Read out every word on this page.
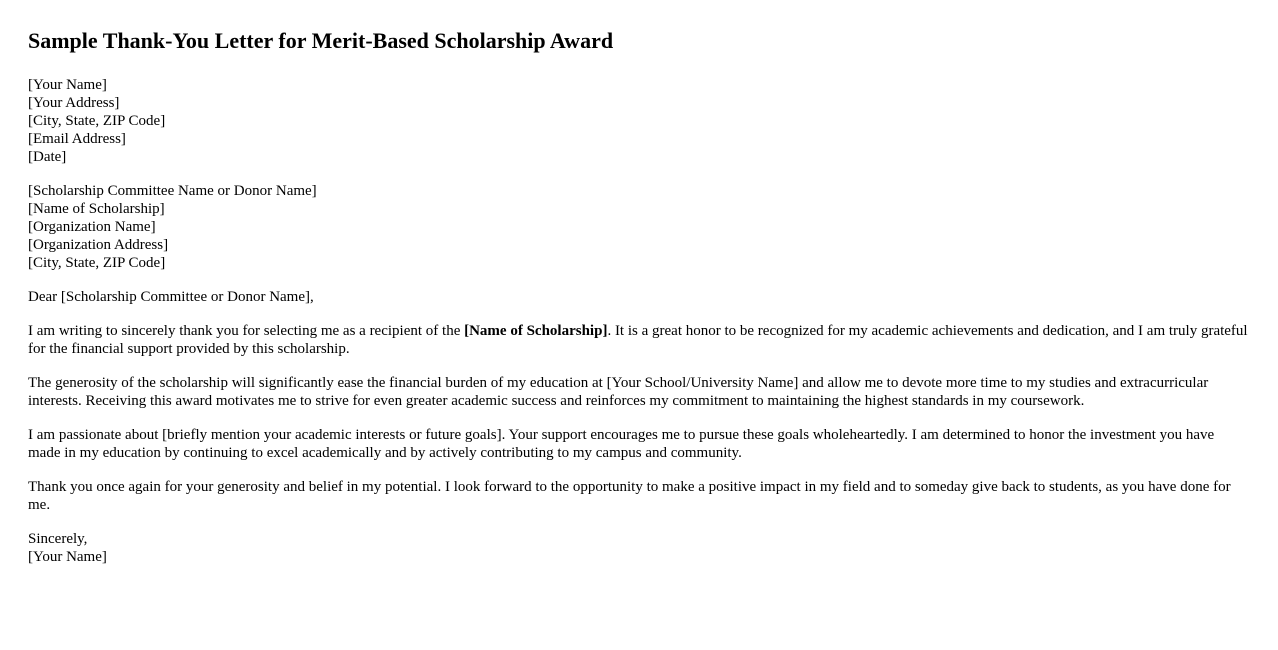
Sample Thank-You Letter for Merit-Based Scholarship Award
[Your Name]
[Your Address]
[City, State, ZIP Code]
[Email Address]
[Date]
[Scholarship Committee Name or Donor Name]
[Name of Scholarship]
[Organization Name]
[Organization Address]
[City, State, ZIP Code]

Dear [Scholarship Committee or Donor Name],

I am writing to sincerely thank you for selecting me as a recipient of the [Name of Scholarship]. It is a great honor to be recognized for my academic achievements and dedication, and I am truly grateful for the financial support provided by this scholarship.

The generosity of the scholarship will significantly ease the financial burden of my education at [Your School/University Name] and allow me to devote more time to my studies and extracurricular interests. Receiving this award motivates me to strive for even greater academic success and reinforces my commitment to maintaining the highest standards in my coursework.

I am passionate about [briefly mention your academic interests or future goals]. Your support encourages me to pursue these goals wholeheartedly. I am determined to honor the investment you have made in my education by continuing to excel academically and by actively contributing to my campus and community.

Thank you once again for your generosity and belief in my potential. I look forward to the opportunity to make a positive impact in my field and to someday give back to students, as you have done for me.

Sincerely,
[Your Name]
